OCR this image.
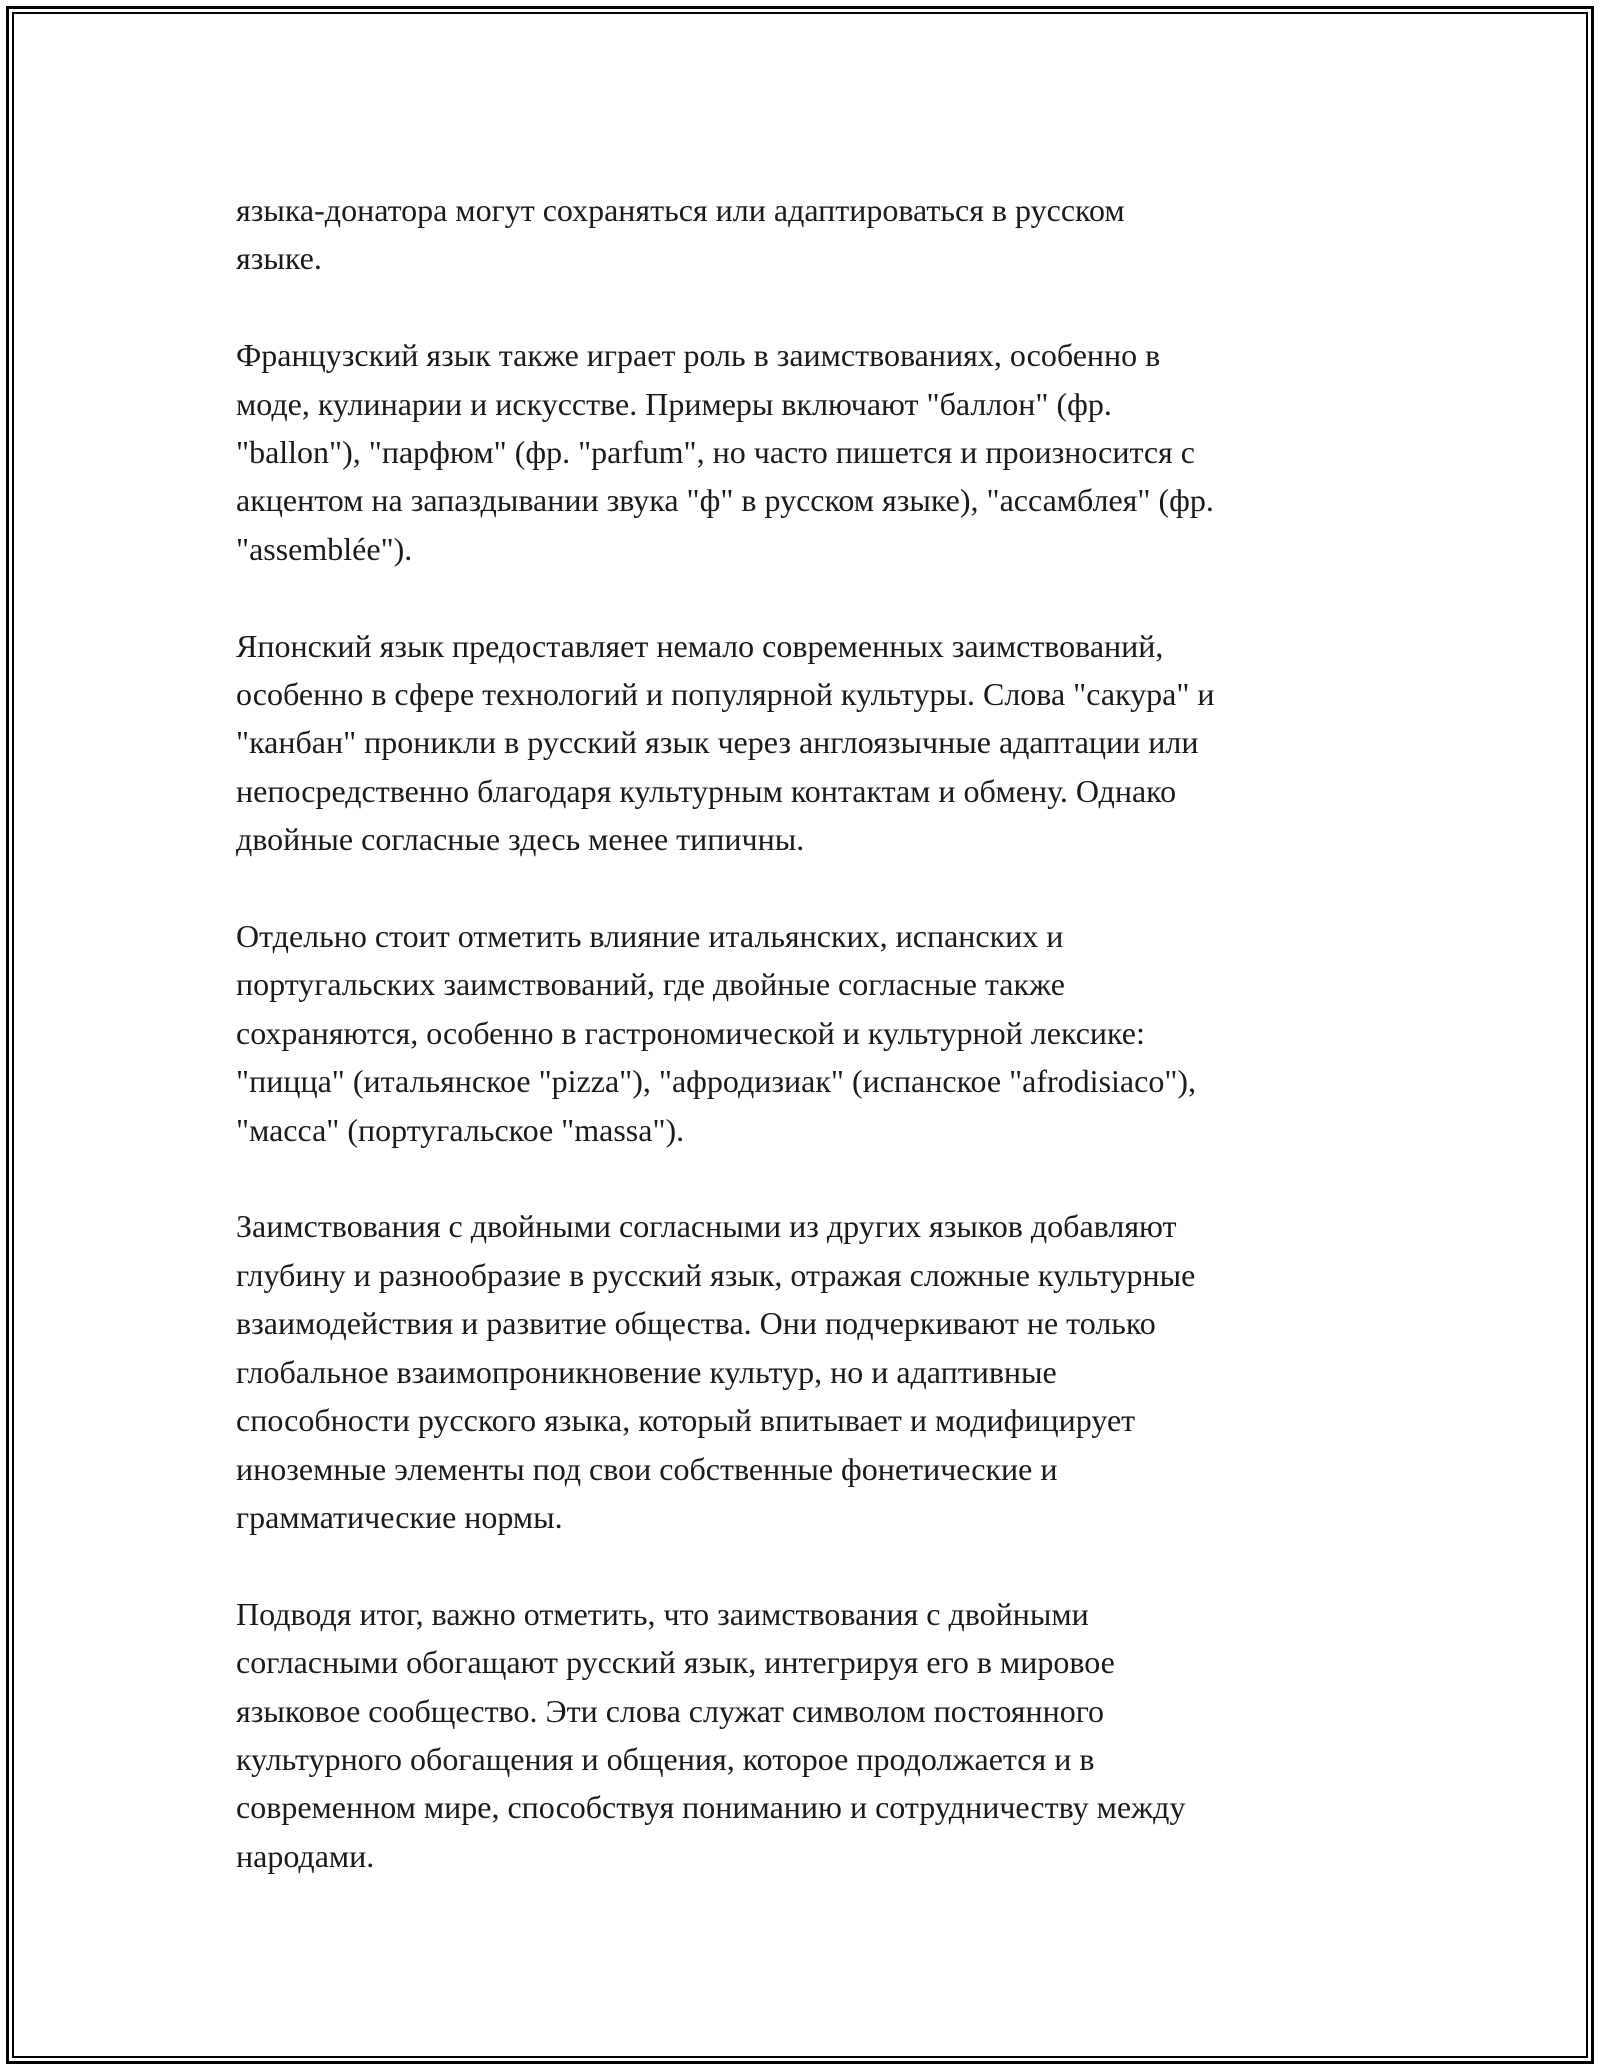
языка-донатора могут сохраняться или адаптироваться в русском
языке.

Французский язык также играет роль в заимствованиях, особенно в
моде, кулинарии и искусстве. Примеры включают "баллон" (фр.
"ballon"), "парфюм" (фр. "parfum", но часто пишется и произносится с
акцентом на запаздывании звука "ф" в русском языке), "ассамблея" (фр.
"assemblée").

Японский язык предоставляет немало современных заимствований,
особенно в сфере технологий и популярной культуры. Слова "сакура" и
"канбан" проникли в русский язык через англоязычные адаптации или
непосредственно благодаря культурным контактам и обмену. Однако
двойные согласные здесь менее типичны.

Отдельно стоит отметить влияние итальянских, испанских и
португальских заимствований, где двойные согласные также
сохраняются, особенно в гастрономической и культурной лексике:
"пицца" (итальянское "pizza"), "афродизиак" (испанское "afrodisiaco"),
"масса" (португальское "massa").

Заимствования с двойными согласными из других языков добавляют
глубину и разнообразие в русский язык, отражая сложные культурные
взаимодействия и развитие общества. Они подчеркивают не только
глобальное взаимопроникновение культур, но и адаптивные
способности русского языка, который впитывает и модифицирует
иноземные элементы под свои собственные фонетические и
грамматические нормы.

Подводя итог, важно отметить, что заимствования с двойными
согласными обогащают русский язык, интегрируя его в мировое
языковое сообщество. Эти слова служат символом постоянного
культурного обогащения и общения, которое продолжается и в
современном мире, способствуя пониманию и сотрудничеству между
народами.
